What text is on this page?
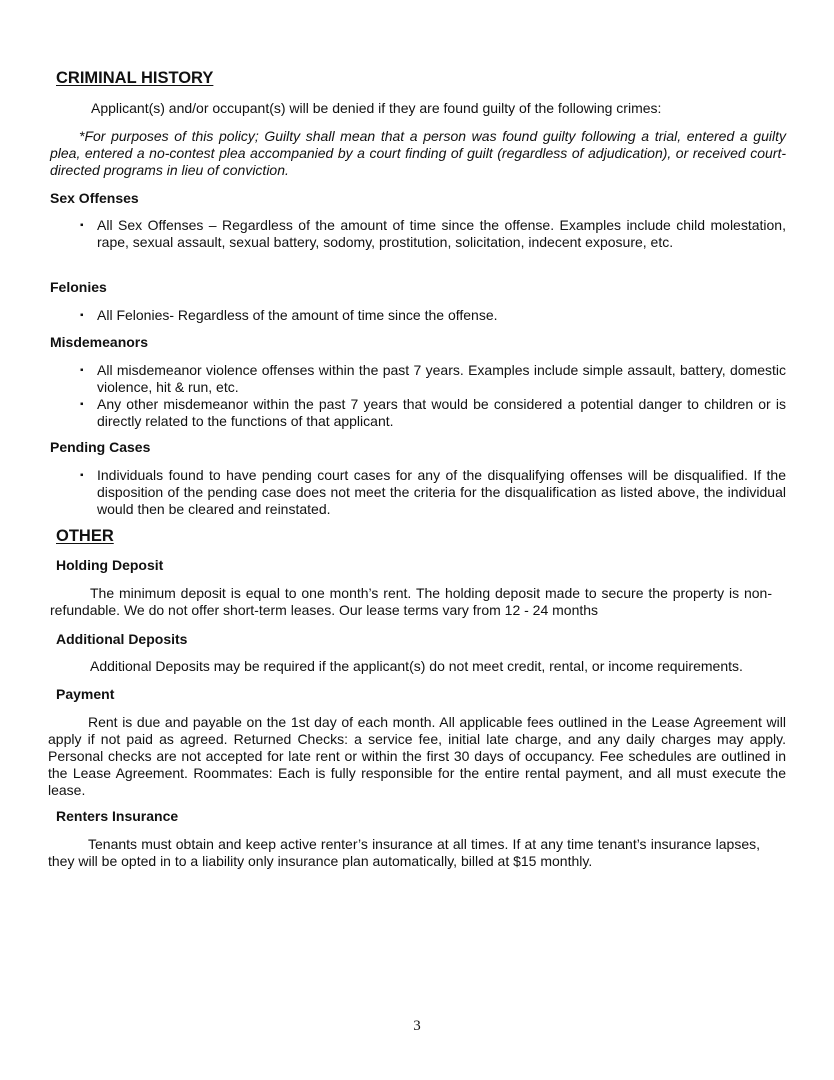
CRIMINAL HISTORY

Applicant(s) and/or occupant(s) will be denied if they are found guilty of the following crimes:

*For purposes of this policy; Guilty shall mean that a person was found guilty following a trial, entered a guilty plea, entered a no-contest plea accompanied by a court finding of guilt (regardless of adjudication), or received court-directed programs in lieu of conviction.

Sex Offenses
▪ All Sex Offenses – Regardless of the amount of time since the offense. Examples include child molestation, rape, sexual assault, sexual battery, sodomy, prostitution, solicitation, indecent exposure, etc.
Felonies
▪ All Felonies- Regardless of the amount of time since the offense.
Misdemeanors
▪ All misdemeanor violence offenses within the past 7 years. Examples include simple assault, battery, domestic violence, hit & run, etc.
▪ Any other misdemeanor within the past 7 years that would be considered a potential danger to children or is directly related to the functions of that applicant.
Pending Cases
▪ Individuals found to have pending court cases for any of the disqualifying offenses will be disqualified. If the disposition of the pending case does not meet the criteria for the disqualification as listed above, the individual would then be cleared and reinstated.
OTHER
Holding Deposit

The minimum deposit is equal to one month’s rent. The holding deposit made to secure the property is non- refundable. We do not offer short-term leases. Our lease terms vary from 12 - 24 months

Additional Deposits

Additional Deposits may be required if the applicant(s) do not meet credit, rental, or income requirements.

Payment

Rent is due and payable on the 1st day of each month. All applicable fees outlined in the Lease Agreement will apply if not paid as agreed. Returned Checks: a service fee, initial late charge, and any daily charges may apply. Personal checks are not accepted for late rent or within the first 30 days of occupancy. Fee schedules are outlined in the Lease Agreement. Roommates: Each is fully responsible for the entire rental payment, and all must execute the lease.

Renters Insurance

Tenants must obtain and keep active renter’s insurance at all times. If at any time tenant’s insurance lapses, they will be opted in to a liability only insurance plan automatically, billed at $15 monthly.

3
